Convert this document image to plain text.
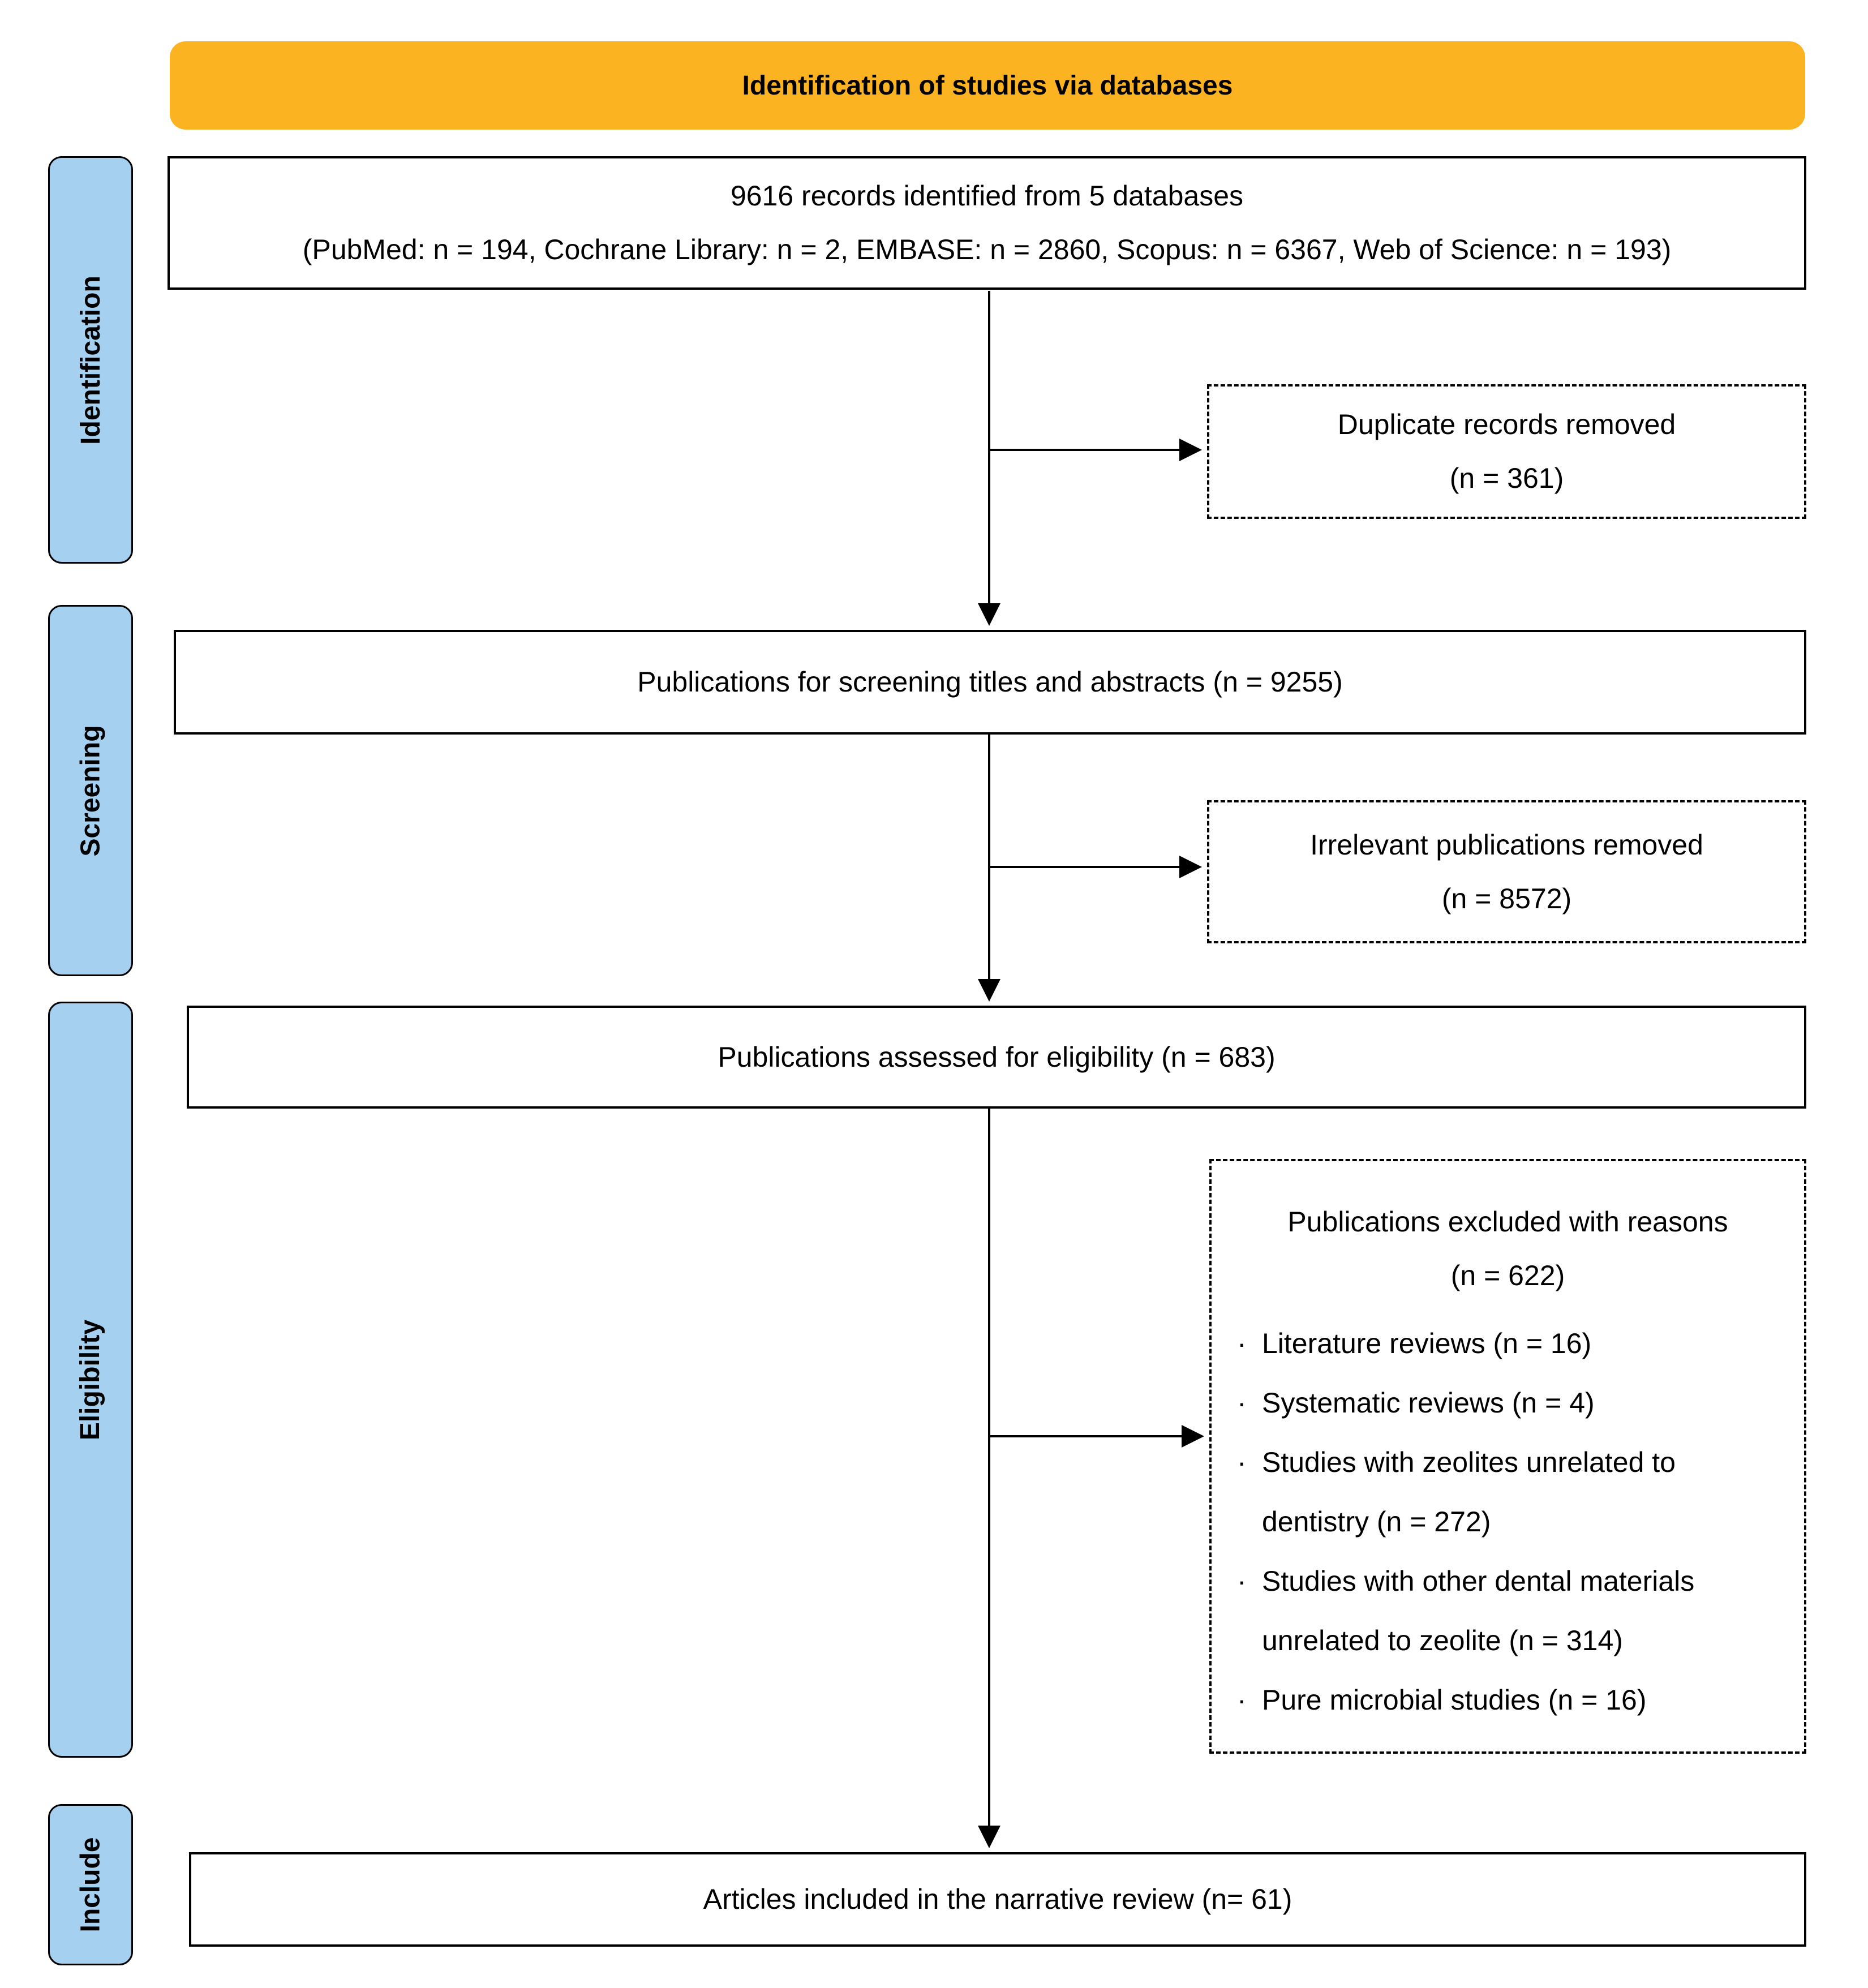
Identification of studies via databases
Identification
Screening
Eligibility
Include
9616 records identified from 5 databases
(PubMed: n = 194, Cochrane Library: n = 2, EMBASE: n = 2860, Scopus: n = 6367, Web of Science: n = 193)
Duplicate records removed
(n = 361)
Publications for screening titles and abstracts (n = 9255)
Irrelevant publications removed
(n = 8572)
Publications assessed for eligibility (n = 683)
Publications excluded with reasons
(n = 622)
· Literature reviews (n = 16)
· Systematic reviews (n = 4)
· Studies with zeolites unrelated to dentistry (n = 272)
· Studies with other dental materials unrelated to zeolite (n = 314)
· Pure microbial studies (n = 16)
Articles included in the narrative review (n= 61)
